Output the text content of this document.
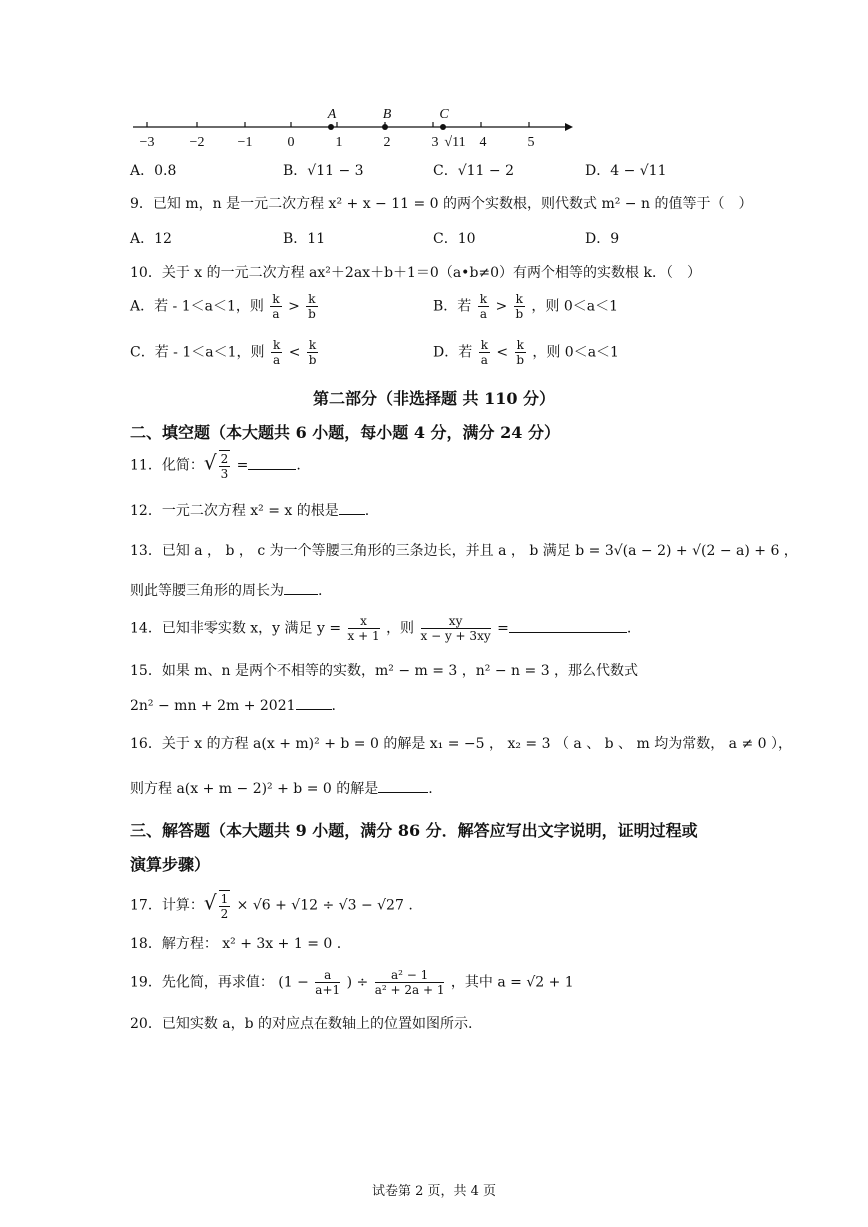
−3	−2 −1	0	1	2	3	4	5
√11
A	B	C
A．0.8	B．√11 − 3	C．√11 − 2	D．4 − √11
9．已知 m，n 是一元二次方程 x² + x − 11 = 0 的两个实数根，则代数式 m² − n 的值等于（　）
A．12	B．11	C．10	D．9
10．关于 x 的一元二次方程 ax²＋2ax＋b＋1＝0（a•b≠0）有两个相等的实数根 k．（　）
A．若 - 1＜a＜1，则 $\frac{k}{a} > \frac{k}{b}$	B．若 $\frac{k}{a} > \frac{k}{b}$ ，则 0＜a＜1
C．若 - 1＜a＜1，则 $\frac{k}{a} < \frac{k}{b}$	D．若 $\frac{k}{a} < \frac{k}{b}$ ，则 0＜a＜1
第二部分（非选择题 共 110 分）
二、填空题（本大题共 6 小题，每小题 4 分，满分 24 分）
11．化简：√ $\frac{2}{3}$ =	.
12．一元二次方程 x² = x 的根是 .
13．已知 a ， b ， c 为一个等腰三角形的三条边长，并且 a ， b 满足 b = 3√(a − 2) + √(2 − a) + 6 ，
则此等腰三角形的周长为 .
14．已知非零实数 x，y 满足 $y = \frac{x}{x + 1}$ ，则 $\frac{xy}{x - y + 3xy}$ =	.
15．如果 m、n 是两个不相等的实数，m² − m = 3 ，n² − n = 3 ，那么代数式
2n² − mn + 2m + 2021	.
16．关于 x 的方程 a(x + m)² + b = 0 的解是 x₁ = −5 ， x₂ = 3 （ a 、 b 、 m 均为常数， a ≠ 0 ），
则方程 a(x + m − 2)² + b = 0 的解是	.
三、解答题（本大题共 9 小题，满分 86 分．解答应写出文字说明，证明过程或
演算步骤）
17．计算：√ $\frac{1}{2} \times √6 + √12 \div √3 - √27$ .
18．解方程： x² + 3x + 1 = 0 .
19．先化简，再求值： ($1 - \frac{a}{a+1}$ ) ÷ $\frac{\text{a² − 1}}{\text{a² + 2a + 1}}$ ，其中 a = √2 + 1
20．已知实数 a，b 的对应点在数轴上的位置如图所示.
试卷第 2 页，共 4 页
